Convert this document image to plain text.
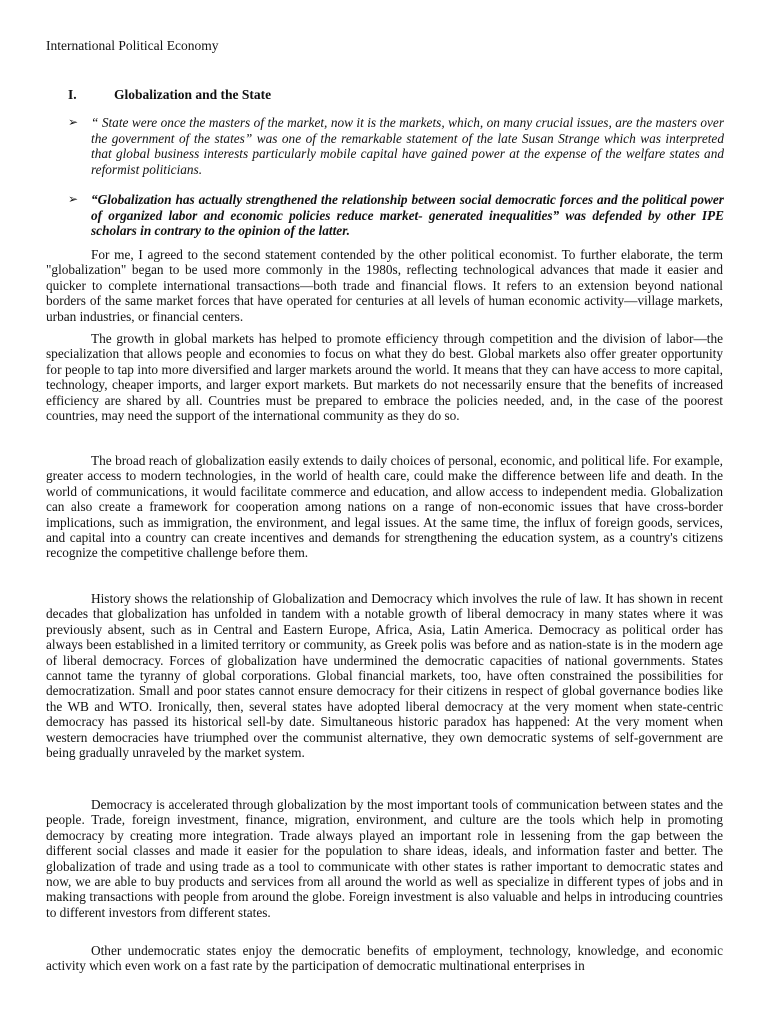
International Political Economy
I.	Globalization and the State
➢ “ State were once the masters of the market, now it is the markets, which, on many crucial issues, are the masters over the government of the states” was one of the remarkable statement of the late Susan Strange which was interpreted that global business interests particularly mobile capital have gained power at the expense of the welfare states and reformist politicians.
➢ “Globalization has actually strengthened the relationship between social democratic forces and the political power of organized labor and economic policies reduce market- generated inequalities” was defended by other IPE scholars in contrary to the opinion of the latter.

For me, I agreed to the second statement contended by the other political economist. To further elaborate, the term "globalization" began to be used more commonly in the 1980s, reflecting technological advances that made it easier and quicker to complete international transactions—both trade and financial flows. It refers to an extension beyond national borders of the same market forces that have operated for centuries at all levels of human economic activity—village markets, urban industries, or financial centers.

The growth in global markets has helped to promote efficiency through competition and the division of labor—the specialization that allows people and economies to focus on what they do best. Global markets also offer greater opportunity for people to tap into more diversified and larger markets around the world. It means that they can have access to more capital, technology, cheaper imports, and larger export markets. But markets do not necessarily ensure that the benefits of increased efficiency are shared by all. Countries must be prepared to embrace the policies needed, and, in the case of the poorest countries, may need the support of the international community as they do so.

The broad reach of globalization easily extends to daily choices of personal, economic, and political life. For example, greater access to modern technologies, in the world of health care, could make the difference between life and death. In the world of communications, it would facilitate commerce and education, and allow access to independent media. Globalization can also create a framework for cooperation among nations on a range of non-economic issues that have cross-border implications, such as immigration, the environment, and legal issues. At the same time, the influx of foreign goods, services, and capital into a country can create incentives and demands for strengthening the education system, as a country's citizens recognize the competitive challenge before them.

History shows the relationship of Globalization and Democracy which involves the rule of law. It has shown in recent decades that globalization has unfolded in tandem with a notable growth of liberal democracy in many states where it was previously absent, such as in Central and Eastern Europe, Africa, Asia, Latin America. Democracy as political order has always been established in a limited territory or community, as Greek polis was before and as nation-state is in the modern age of liberal democracy. Forces of globalization have undermined the democratic capacities of national governments. States cannot tame the tyranny of global corporations. Global financial markets, too, have often constrained the possibilities for democratization. Small and poor states cannot ensure democracy for their citizens in respect of global governance bodies like the WB and WTO. Ironically, then, several states have adopted liberal democracy at the very moment when state-centric democracy has passed its historical sell-by date. Simultaneous historic paradox has happened: At the very moment when western democracies have triumphed over the communist alternative, they own democratic systems of self-government are being gradually unraveled by the market system.

Democracy is accelerated through globalization by the most important tools of communication between states and the people. Trade, foreign investment, finance, migration, environment, and culture are the tools which help in promoting democracy by creating more integration. Trade always played an important role in lessening from the gap between the different social classes and made it easier for the population to share ideas, ideals, and information faster and better. The globalization of trade and using trade as a tool to communicate with other states is rather important to democratic states and now, we are able to buy products and services from all around the world as well as specialize in different types of jobs and in making transactions with people from around the globe. Foreign investment is also valuable and helps in introducing countries to different investors from different states.

Other undemocratic states enjoy the democratic benefits of employment, technology, knowledge, and economic activity which even work on a fast rate by the participation of democratic multinational enterprises in
